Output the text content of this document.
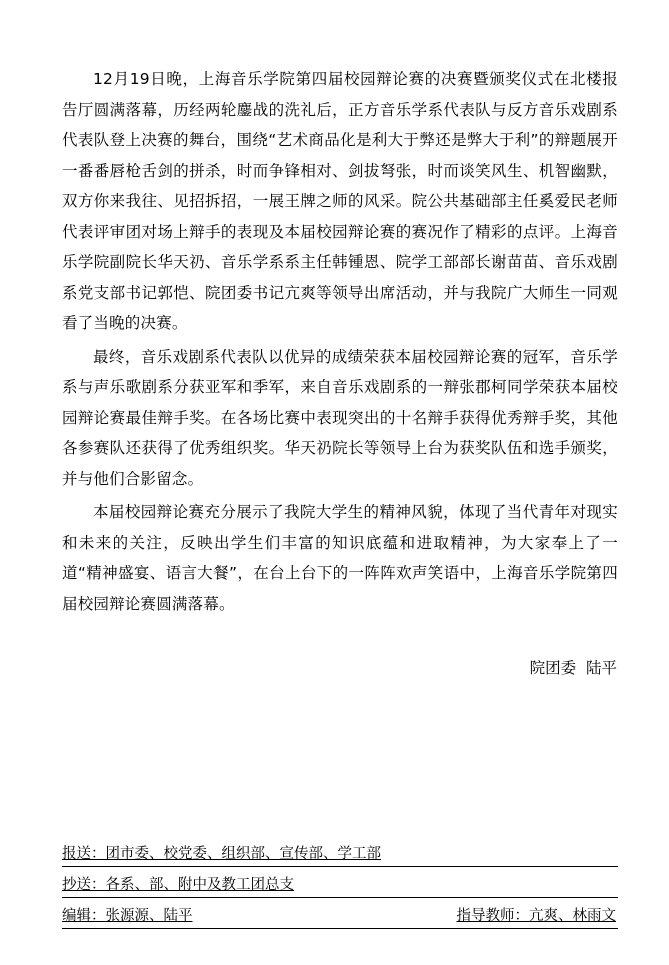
12月19日晚，上海音乐学院第四届校园辩论赛的决赛暨颁奖仪式在北楼报告厅圆满落幕，历经两轮鏖战的洗礼后，正方音乐学系代表队与反方音乐戏剧系代表队登上决赛的舞台，围绕“艺术商品化是利大于弊还是弊大于利”的辩题展开一番番唇枪舌剑的拼杀，时而争锋相对、剑拔弩张，时而谈笑风生、机智幽默，双方你来我往、见招拆招，一展王牌之师的风采。院公共基础部主任奚爱民老师代表评审团对场上辩手的表现及本届校园辩论赛的赛况作了精彩的点评。上海音乐学院副院长华天礽、音乐学系系主任韩锺恩、院学工部部长谢苗苗、音乐戏剧系党支部书记郭恺、院团委书记亢爽等领导出席活动，并与我院广大师生一同观看了当晚的决赛。

最终，音乐戏剧系代表队以优异的成绩荣获本届校园辩论赛的冠军，音乐学系与声乐歌剧系分获亚军和季军，来自音乐戏剧系的一辩张郡柯同学荣获本届校园辩论赛最佳辩手奖。在各场比赛中表现突出的十名辩手获得优秀辩手奖，其他各参赛队还获得了优秀组织奖。华天礽院长等领导上台为获奖队伍和选手颁奖，并与他们合影留念。

本届校园辩论赛充分展示了我院大学生的精神风貌，体现了当代青年对现实和未来的关注，反映出学生们丰富的知识底蕴和进取精神，为大家奉上了一道“精神盛宴、语言大餐”，在台上台下的一阵阵欢声笑语中，上海音乐学院第四届校园辩论赛圆满落幕。

院团委  陆平
报送：团市委、校党委、组织部、宣传部、学工部
抄送：各系、部、附中及教工团总支
编辑：张源源、陆平	指导教师：亢爽、林雨文
